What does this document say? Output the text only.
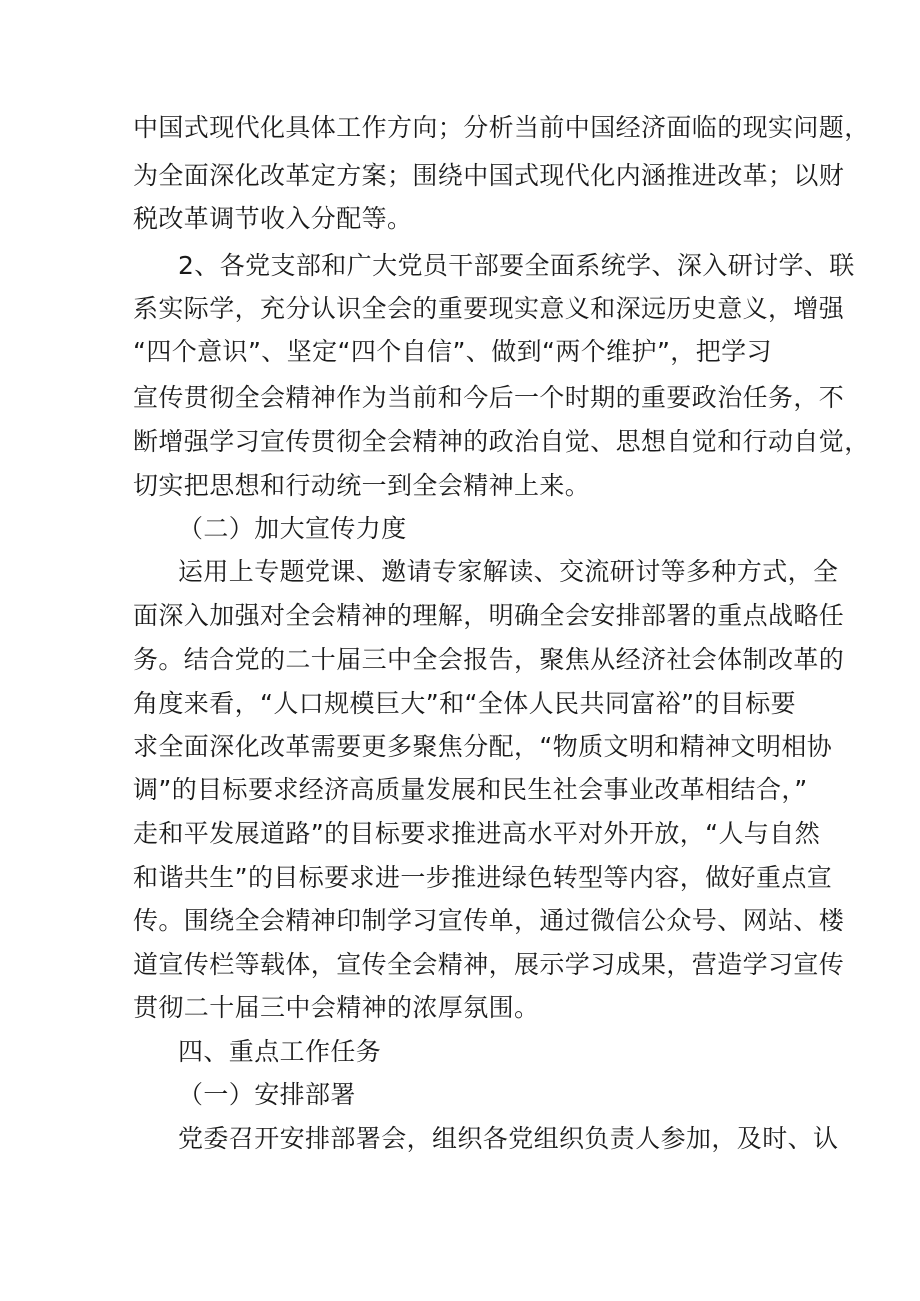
中国式现代化具体工作方向；分析当前中国经济面临的现实问题，
为全面深化改革定方案；围绕中国式现代化内涵推进改革；以财
税改革调节收入分配等。
2、各党支部和广大党员干部要全面系统学、深入研讨学、联
系实际学，充分认识全会的重要现实意义和深远历史意义，增强
“四个意识”、坚定“四个自信”、做到“两个维护”，把学习
宣传贯彻全会精神作为当前和今后一个时期的重要政治任务，不
断增强学习宣传贯彻全会精神的政治自觉、思想自觉和行动自觉，
切实把思想和行动统一到全会精神上来。
（二）加大宣传力度
运用上专题党课、邀请专家解读、交流研讨等多种方式，全
面深入加强对全会精神的理解，明确全会安排部署的重点战略任
务。结合党的二十届三中全会报告，聚焦从经济社会体制改革的
角度来看，“人口规模巨大”和“全体人民共同富裕”的目标要
求全面深化改革需要更多聚焦分配，“物质文明和精神文明相协
调”的目标要求经济高质量发展和民生社会事业改革相结合，”
走和平发展道路”的目标要求推进高水平对外开放，“人与自然
和谐共生”的目标要求进一步推进绿色转型等内容，做好重点宣
传。围绕全会精神印制学习宣传单，通过微信公众号、网站、楼
道宣传栏等载体，宣传全会精神，展示学习成果，营造学习宣传
贯彻二十届三中会精神的浓厚氛围。
四、重点工作任务
（一）安排部署
党委召开安排部署会，组织各党组织负责人参加，及时、认
